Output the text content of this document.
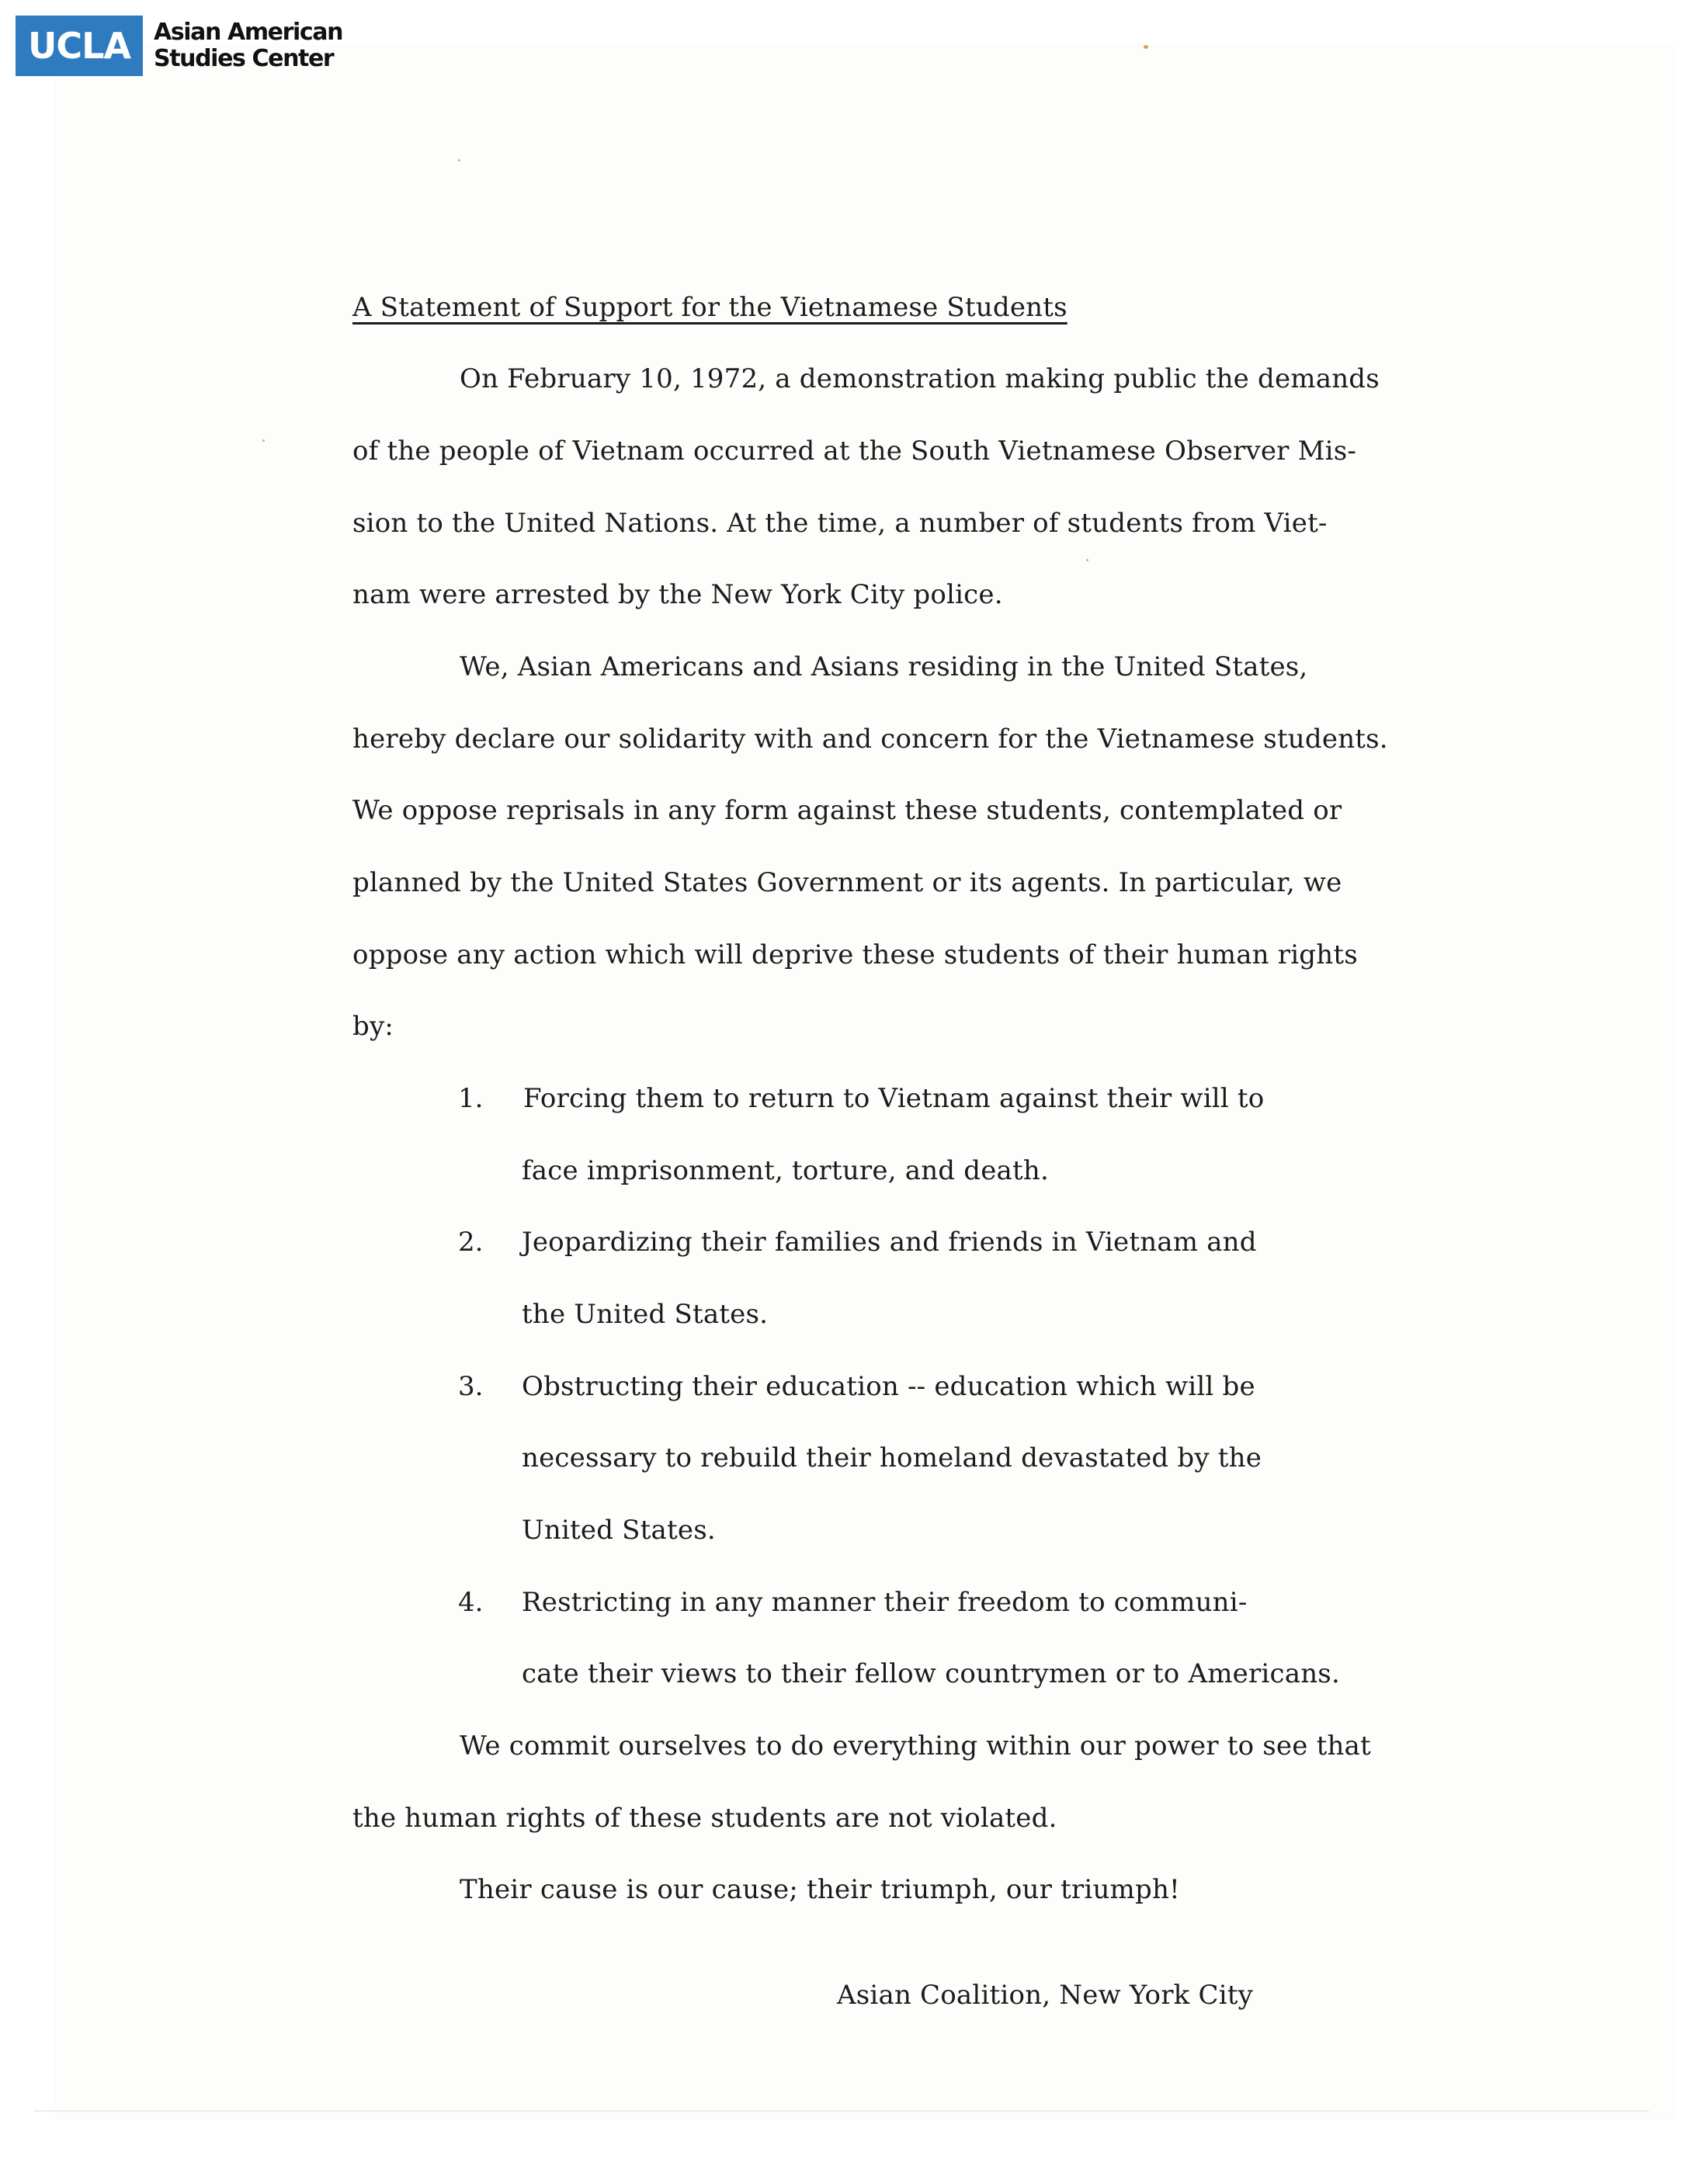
UCLA Asian American
Studies Center
A Statement of Support for the Vietnamese Students
On February 10, 1972, a demonstration making public the demands
of the people of Vietnam occurred at the South Vietnamese Observer Mis-
sion to the United Nations. At the time, a number of students from Viet-
nam were arrested by the New York City police.
We, Asian Americans and Asians residing in the United States,
hereby declare our solidarity with and concern for the Vietnamese students.
We oppose reprisals in any form against these students, contemplated or
planned by the United States Government or its agents. In particular, we
oppose any action which will deprive these students of their human rights
by:
1. Forcing them to return to Vietnam against their will to
face imprisonment, torture, and death.
2. Jeopardizing their families and friends in Vietnam and
the United States.
3. Obstructing their education -- education which will be
necessary to rebuild their homeland devastated by the
United States.
4. Restricting in any manner their freedom to communi-
cate their views to their fellow countrymen or to Americans.
We commit ourselves to do everything within our power to see that
the human rights of these students are not violated.
Their cause is our cause; their triumph, our triumph!
Asian Coalition, New York City
